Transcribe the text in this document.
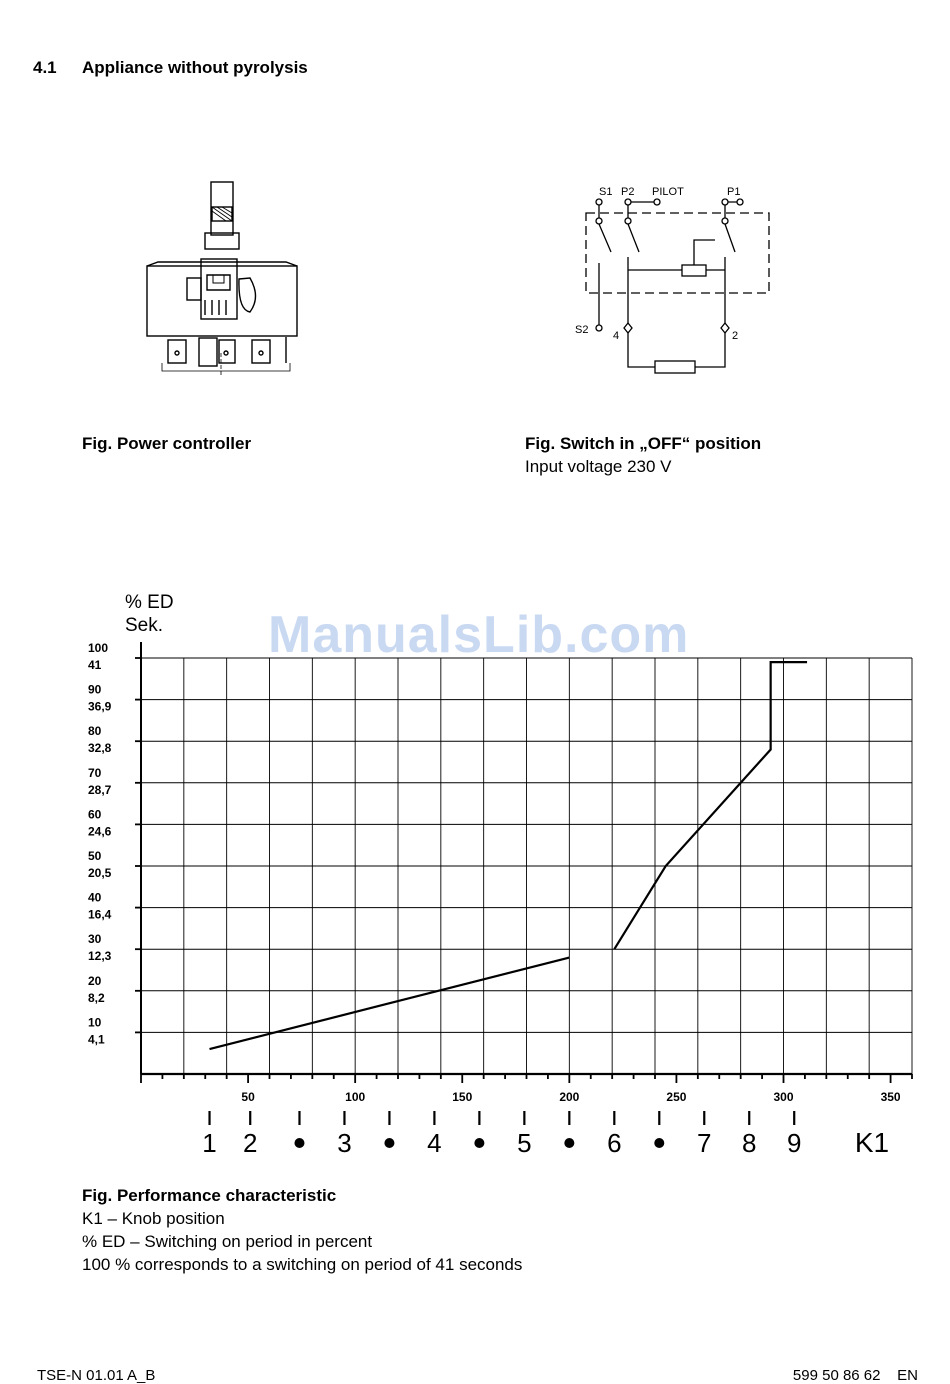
4.1 Appliance without pyrolysis
S1 P2 PILOT	P1
S2 4	2
Fig. Power controller	Fig. Switch in „OFF“ position
Input voltage 230 V
% ED
Sek. ManualsLib.com
100
41
90
36,9
80
32,8
70
28,7
60
24,6
50
20,5
40
16,4
30
12,3
20
8,2
10
4,1
50	100	150	200	250	300	350
1 2	3	4	5	6	7 8 9 K1
Fig. Performance characteristic
K1 – Knob position
% ED – Switching on period in percent
100 % corresponds to a switching on period of 41 seconds
TSE-N 01.01 A_B	599 50 86 62    EN
